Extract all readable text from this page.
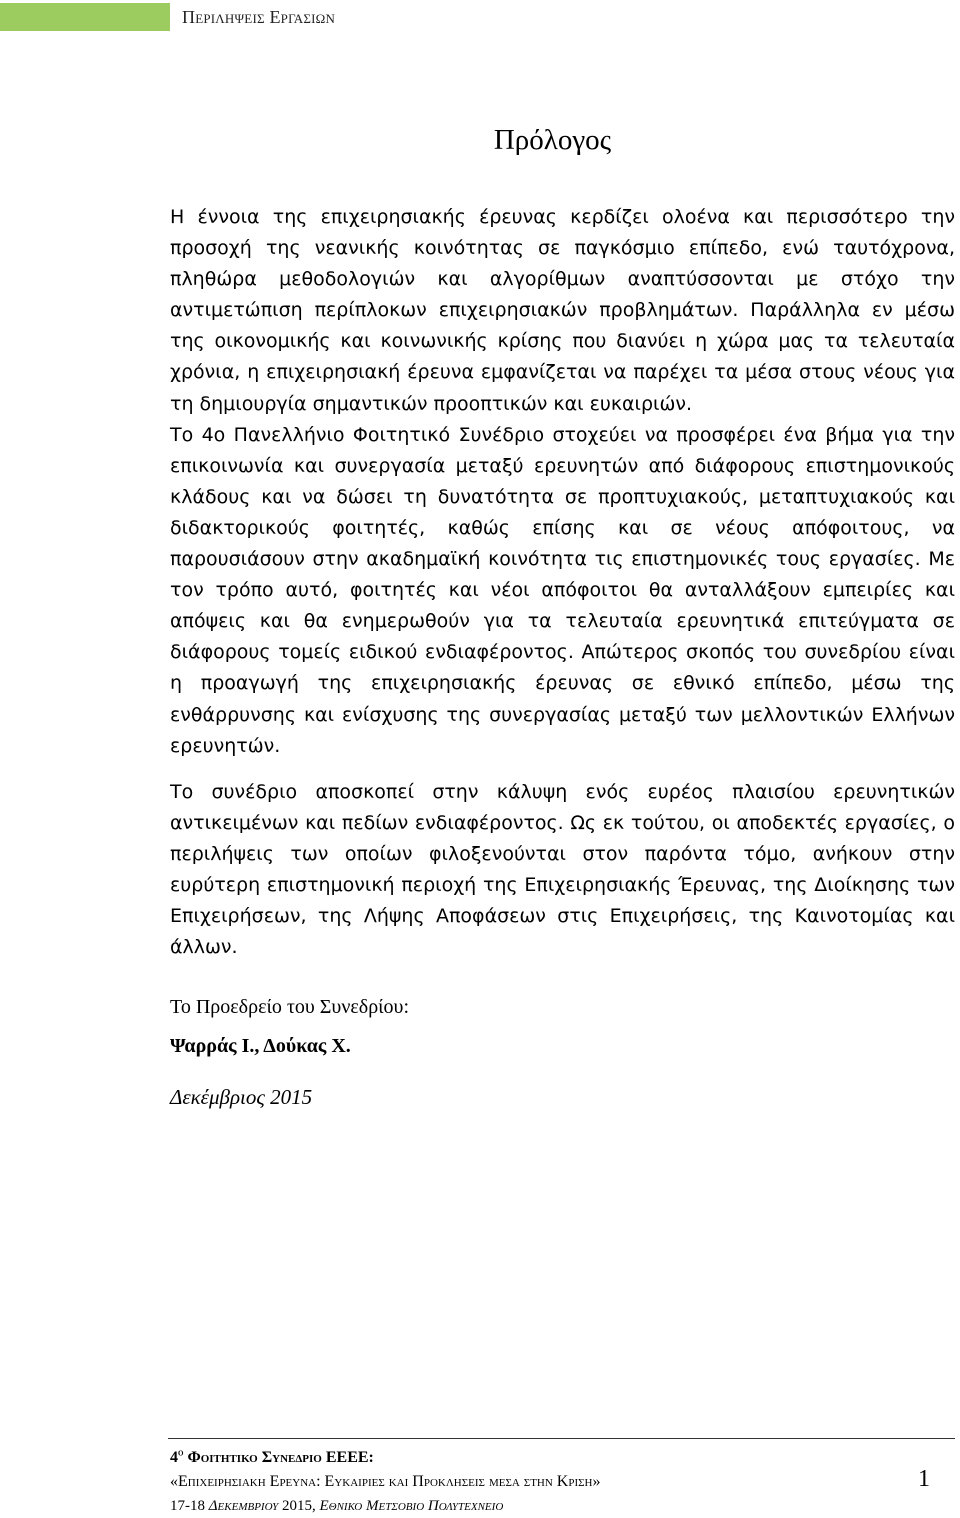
Περιληψεις Εργασιων
Πρόλογος

Η έννοια της επιχειρησιακής έρευνας κερδίζει ολοένα και περισσότερο την προσοχή της νεανικής κοινότητας σε παγκόσμιο επίπεδο, ενώ ταυτόχρονα, πληθώρα μεθοδολογιών και αλγορίθμων αναπτύσσονται με στόχο την αντιμετώπιση περίπλοκων επιχειρησιακών προβλημάτων. Παράλληλα εν μέσω της οικονομικής και κοινωνικής κρίσης που διανύει η χώρα μας τα τελευταία χρόνια, η επιχειρησιακή έρευνα εμφανίζεται να παρέχει τα μέσα στους νέους για τη δημιουργία σημαντικών προοπτικών και ευκαιριών.

Το 4ο Πανελλήνιο Φοιτητικό Συνέδριο στοχεύει να προσφέρει ένα βήμα για την επικοινωνία και συνεργασία μεταξύ ερευνητών από διάφορους επιστημονικούς κλάδους και να δώσει τη δυνατότητα σε προπτυχιακούς, μεταπτυχιακούς και διδακτορικούς φοιτητές, καθώς επίσης και σε νέους απόφοιτους, να παρουσιάσουν στην ακαδημαϊκή κοινότητα τις επιστημονικές τους εργασίες. Με τον τρόπο αυτό, φοιτητές και νέοι απόφοιτοι θα ανταλλάξουν εμπειρίες και απόψεις και θα ενημερωθούν για τα τελευταία ερευνητικά επιτεύγματα σε διάφορους τομείς ειδικού ενδιαφέροντος. Απώτερος σκοπός του συνεδρίου είναι η προαγωγή της επιχειρησιακής έρευνας σε εθνικό επίπεδο, μέσω της ενθάρρυνσης και ενίσχυσης της συνεργασίας μεταξύ των μελλοντικών Ελλήνων ερευνητών.

Το συνέδριο αποσκοπεί στην κάλυψη ενός ευρέος πλαισίου ερευνητικών αντικειμένων και πεδίων ενδιαφέροντος. Ως εκ τούτου, οι αποδεκτές εργασίες, ο περιλήψεις των οποίων φιλοξενούνται στον παρόντα τόμο, ανήκουν στην ευρύτερη επιστημονική περιοχή της Επιχειρησιακής Έρευνας, της Διοίκησης των Επιχειρήσεων, της Λήψης Αποφάσεων στις Επιχειρήσεις, της Καινοτομίας και άλλων.

Το Προεδρείο του Συνεδρίου:
Ψαρράς Ι., Δούκας Χ.
Δεκέμβριος 2015
$4^o$ Φοιτητικο Συνεδριο ΕΕΕΕ:
«Επιχειρησιακη Ερευνα: Ευκαιριες και Προκλησεις μεσα στην Κριση»
17-18 Δεκεμβριου 2015, Εθνικο Μετσοβιο Πολυτεχνειο
1
